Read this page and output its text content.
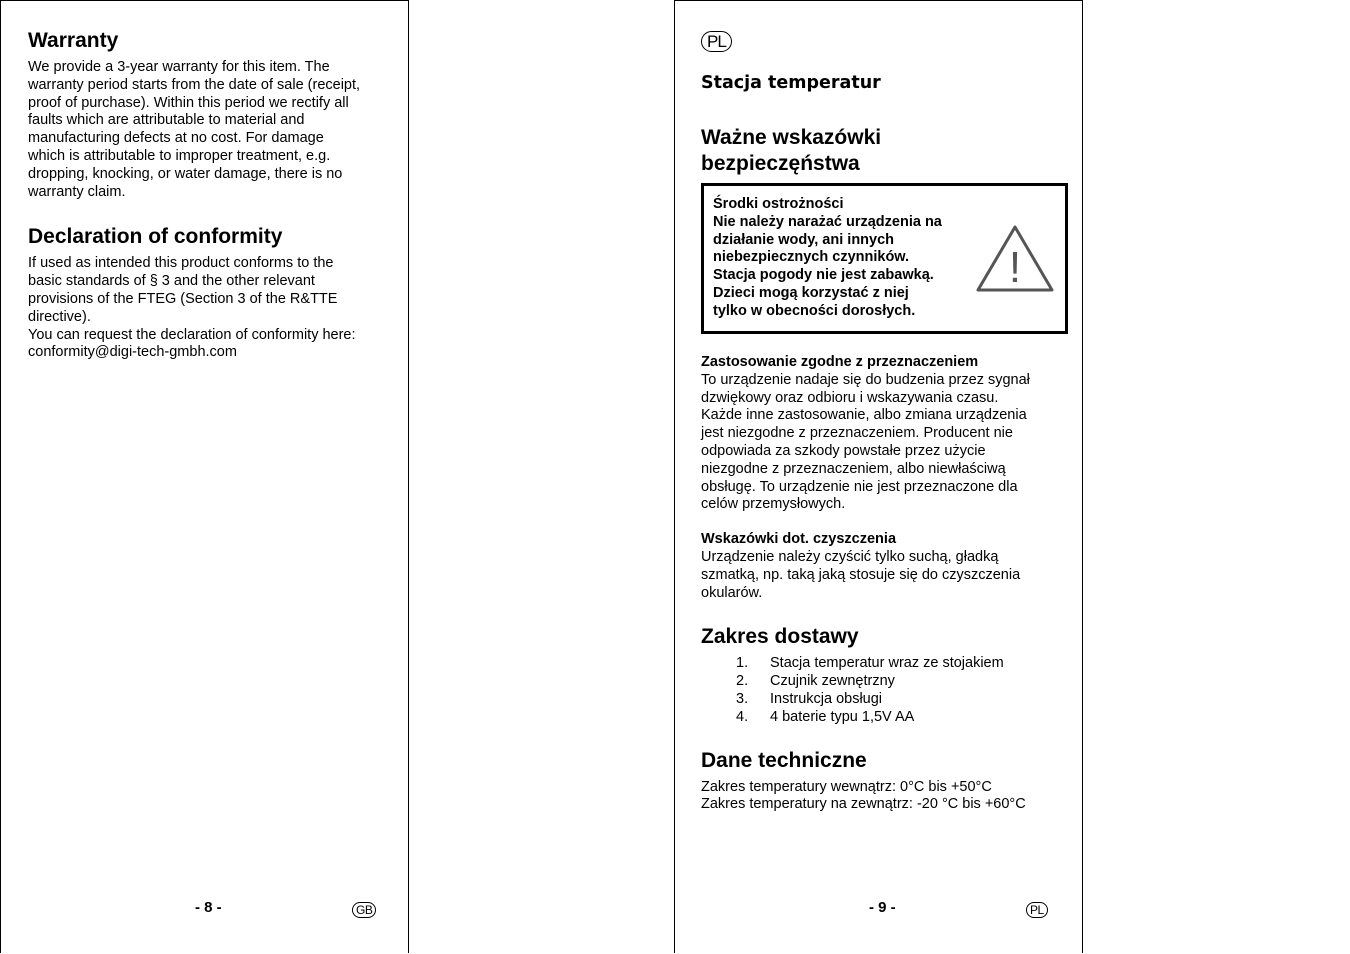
Warranty
We provide a 3-year warranty for this item. The
warranty period starts from the date of sale (receipt,
proof of purchase). Within this period we rectify all
faults which are attributable to material and
manufacturing defects at no cost. For damage
which is attributable to improper treatment, e.g.
dropping, knocking, or water damage, there is no
warranty claim.
Declaration of conformity
If used as intended this product conforms to the
basic standards of § 3 and the other relevant
provisions of the FTEG (Section 3 of the R&TTE
directive).
You can request the declaration of conformity here:
conformity@digi-tech-gmbh.com
- 8 -	GB
PL
Stacja temperatur
Ważne wskazówki bezpieczęństwa
Środki ostrożności
Nie należy narażać urządzenia na
działanie wody, ani innych
niebezpiecznych czynników.
Stacja pogody nie jest zabawką.
Dzieci mogą korzystać z niej
tylko w obecności dorosłych.
!
Zastosowanie zgodne z przeznaczeniem
To urządzenie nadaje się do budzenia przez sygnał
dzwiękowy oraz odbioru i wskazywania czasu.
Każde inne zastosowanie, albo zmiana urządzenia
jest niezgodne z przeznaczeniem. Producent nie
odpowiada za szkody powstałe przez użycie
niezgodne z przeznaczeniem, albo niewłaściwą
obsługę. To urządzenie nie jest przeznaczone dla
celów przemysłowych.
Wskazówki dot. czyszczenia
Urządzenie należy czyścić tylko suchą, gładką
szmatką, np. taką jaką stosuje się do czyszczenia
okularów.
Zakres dostawy
1.	Stacja temperatur wraz ze stojakiem
2.	Czujnik zewnętrzny
3.	Instrukcja obsługi
4.	4 baterie typu 1,5V AA
Dane techniczne
Zakres temperatury wewnątrz: 0°C bis +50°C
Zakres temperatury na zewnątrz: -20 °C bis +60°C
- 9 -	PL
